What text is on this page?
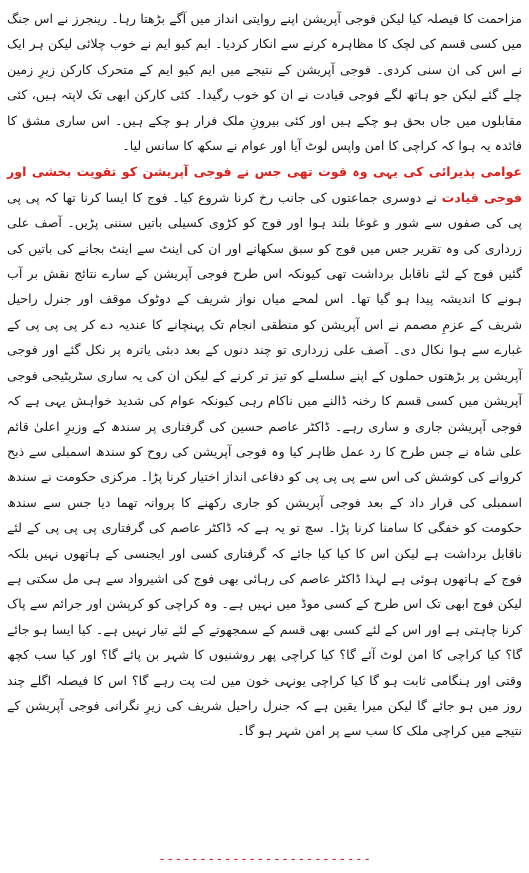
مزاحمت کا فیصلہ کیا لیکن فوجی آپریشن اپنے روایتی انداز میں آگے بڑھتا رہا۔ رینجرز نے اس جنگ میں کسی قسم کی لچک کا مظاہرہ کرنے سے انکار کردیا۔ ایم کیو ایم نے خوب چلائی لیکن ہر ایک نے اس کی ان سنی کردی۔ فوجی آپریشن کے نتیجے میں ایم کیو ایم کے متحرک کارکن زیرِ زمین چلے گئے لیکن جو ہاتھ لگے فوجی قیادت نے ان کو خوب رگیدا۔ کئی کارکن ابھی تک لاپتہ ہیں، کئی مقابلوں میں جاں بحق ہو چکے ہیں اور کئی بیرونِ ملک فرار ہو چکے ہیں۔ اس ساری مشق کا فائدہ یہ ہوا کہ کراچی کا امن واپس لوٹ آیا اور عوام نے سکھ کا سانس لیا۔

عوامی پذیرائی کی یہی وہ قوت تھی جس نے فوجی آپریشن کو تقویت بخشی اور فوجی قیادت نے دوسری جماعتوں کی جانب رخ کرنا شروع کیا۔ فوج کا ایسا کرنا تھا کہ پی پی پی کی صفوں سے شور و غوغا بلند ہوا اور فوج کو کڑوی کسیلی باتیں سننی پڑیں۔ آصف علی زرداری کی وہ تقریر جس میں فوج کو سبق سکھانے اور ان کی اینٹ سے اینٹ بجانے کی باتیں کی گئیں فوج کے لئے ناقابل برداشت تھی کیونکہ اس طرح فوجی آپریشن کے سارے نتائج نقش بر آب ہونے کا اندیشہ پیدا ہو گیا تھا۔ اس لمحے میاں نواز شریف کے دوٹوک موقف اور جنرل راحیل شریف کے عزمِ مصمم نے اس آپریشن کو منطقی انجام تک پہنچانے کا عندیہ دے کر پی پی پی کے غبارے سے ہوا نکال دی۔ آصف علی زرداری تو چند دنوں کے بعد دبئی یاترہ پر نکل گئے اور فوجی آپریشن پر بڑھتوں حملوں کے اپنے سلسلے کو تیز تر کرنے کے لیکن ان کی یہ ساری سٹریٹیجی فوجی آپریشن میں کسی قسم کا رخنہ ڈالنے میں ناکام رہی کیونکہ عوام کی شدید خواہش یہی ہے کہ فوجی آپریشن جاری و ساری رہے۔ ڈاکٹر عاصم حسین کی گرفتاری پر سندھ کے وزیرِ اعلیٰ قائم علی شاہ نے جس طرح کا رد عمل ظاہر کیا وہ فوجی آپریشن کی روح کو سندھ اسمبلی سے ذبح کروانے کی کوشش کی اس سے پی پی پی کو دفاعی انداز اختیار کرنا پڑا۔ مرکزی حکومت نے سندھ اسمبلی کی قرار داد کے بعد فوجی آپریشن کو جاری رکھنے کا پروانہ تھما دیا جس سے سندھ حکومت کو خفگی کا سامنا کرنا پڑا۔ سچ تو یہ ہے کہ ڈاکٹر عاصم کی گرفتاری پی پی پی کے لئے ناقابل برداشت ہے لیکن اس کا کیا کیا جائے کہ گرفتاری کسی اور ایجنسی کے ہاتھوں نہیں بلکہ فوج کے ہاتھوں ہوئی ہے لہذا ڈاکٹر عاصم کی رہائی بھی فوج کی اشیرواد سے ہی مل سکتی ہے لیکن فوج ابھی تک اس طرح کے کسی موڈ میں نہیں ہے۔ وہ کراچی کو کرپشن اور جرائم سے پاک کرنا چاہتی ہے اور اس کے لئے کسی بھی قسم کے سمجھوتے کے لئے تیار نہیں ہے۔ کیا ایسا ہو جائے گا؟ کیا کراچی کا امن لوٹ آئے گا؟ کیا کراچی پھر روشنیوں کا شہر بن پائے گا؟ اور کیا سب کچھ وقتی اور ہنگامی ثابت ہو گا کیا کراچی یونہی خون میں لت پت رہے گا؟ اس کا فیصلہ اگلے چند روز میں ہو جائے گا لیکن میرا یقین ہے کہ جنرل راحیل شریف کی زیرِ نگرانی فوجی آپریشن کے نتیجے میں کراچی ملک کا سب سے پر امن شہر ہو گا۔

۔۔۔۔۔۔۔۔۔۔۔۔۔۔۔۔۔۔۔۔۔۔۔۔۔۔
